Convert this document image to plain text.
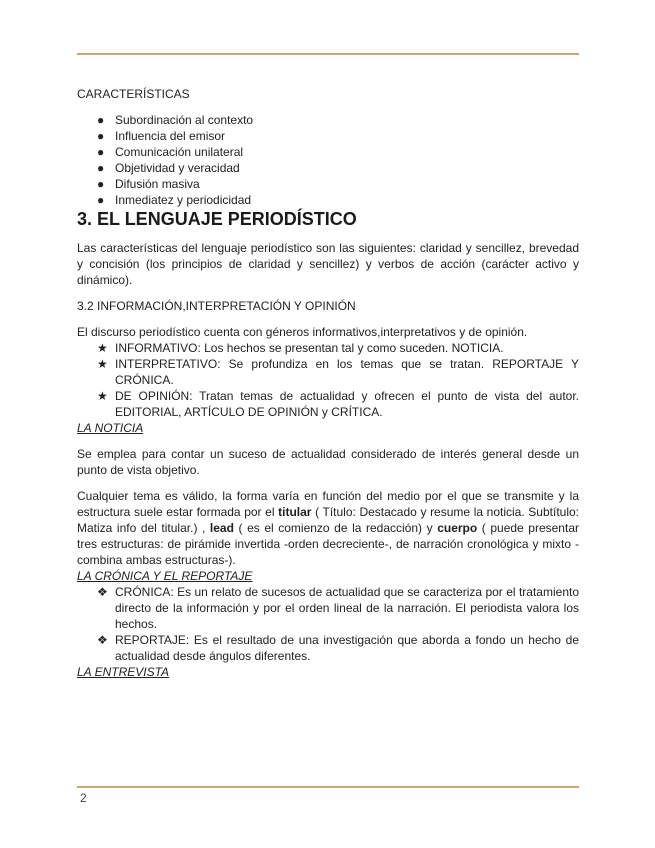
CARACTERÍSTICAS

● Subordinación al contexto
● Influencia del emisor
● Comunicación unilateral
● Objetividad y veracidad
● Difusión masiva
● Inmediatez y periodicidad
3. EL LENGUAJE PERIODÍSTICO

Las características del lenguaje periodístico son las siguientes: claridad y sencillez, brevedad y concisión (los principios de claridad y sencillez) y verbos de acción (carácter activo y dinámico).

3.2 INFORMACIÓN,INTERPRETACIÓN Y OPINIÓN

El discurso periodístico cuenta con géneros informativos,interpretativos y de opinión.

★ INFORMATIVO: Los hechos se presentan tal y como suceden. NOTICIA.
★ INTERPRETATIVO: Se profundiza en los temas que se tratan. REPORTAJE Y CRÓNICA.
★ DE OPINIÓN: Tratan temas de actualidad y ofrecen el punto de vista del autor. EDITORIAL, ARTÍCULO DE OPINIÓN y CRÍTICA.

LA NOTICIA

Se emplea para contar un suceso de actualidad considerado de interés general desde un punto de vista objetivo.

Cualquier tema es válido, la forma varía en función del medio por el que se transmite y la estructura suele estar formada por el titular ( Título: Destacado y resume la noticia. Subtítulo: Matiza info del titular.) , lead ( es el comienzo de la redacción) y cuerpo ( puede presentar tres estructuras: de pirámide invertida -orden decreciente-, de narración cronológica y mixto - combina ambas estructuras-).

LA CRÓNICA Y EL REPORTAJE

❖ CRÓNICA: Es un relato de sucesos de actualidad que se caracteriza por el tratamiento directo de la información y por el orden lineal de la narración. El periodista valora los hechos.
❖ REPORTAJE: Es el resultado de una investigación que aborda a fondo un hecho de actualidad desde ángulos diferentes.

LA ENTREVISTA

2
